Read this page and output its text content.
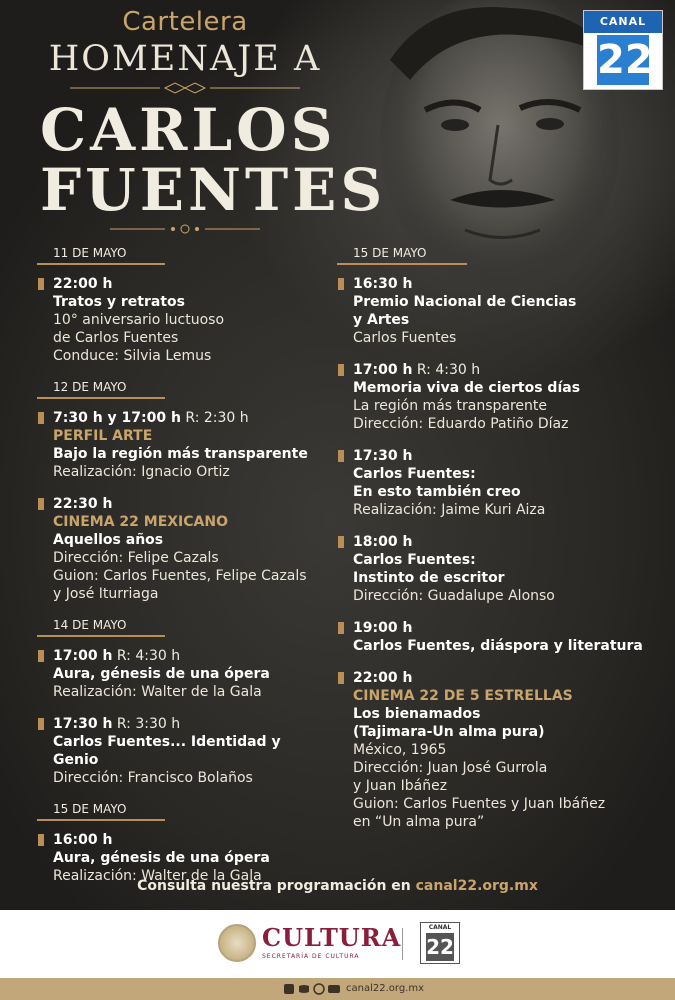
Cartelera
HOMENAJE A
CARLOS
FUENTES
CANAL
22
11 DE MAYO
22:00 h
Tratos y retratos
10° aniversario luctuoso
de Carlos Fuentes
Conduce: Silvia Lemus
12 DE MAYO
7:30 h y 17:00 h R: 2:30 h
PERFIL ARTE
Bajo la región más transparente
Realización: Ignacio Ortiz
22:30 h
CINEMA 22 MEXICANO
Aquellos años
Dirección: Felipe Cazals
Guion: Carlos Fuentes, Felipe Cazals
y José Iturriaga
14 DE MAYO
17:00 h R: 4:30 h
Aura, génesis de una ópera
Realización: Walter de la Gala
17:30 h R: 3:30 h
Carlos Fuentes... Identidad y Genio
Dirección: Francisco Bolaños
15 DE MAYO
16:00 h
Aura, génesis de una ópera
Realización: Walter de la Gala
15 DE MAYO
16:30 h
Premio Nacional de Ciencias
y Artes
Carlos Fuentes
17:00 h R: 4:30 h
Memoria viva de ciertos días
La región más transparente
Dirección: Eduardo Patiño Díaz
17:30 h
Carlos Fuentes:
En esto también creo
Realización: Jaime Kuri Aiza
18:00 h
Carlos Fuentes:
Instinto de escritor
Dirección: Guadalupe Alonso
19:00 h
Carlos Fuentes, diáspora y literatura
22:00 h
CINEMA 22 DE 5 ESTRELLAS
Los bienamados
(Tajimara-Un alma pura)
México, 1965
Dirección: Juan José Gurrola
y Juan Ibáñez
Guion: Carlos Fuentes y Juan Ibáñez
en “Un alma pura”
Consulta nuestra programación en canal22.org.mx
CULTURA
SECRETARÍA DE CULTURA
CANAL
22
canal22.org.mx
